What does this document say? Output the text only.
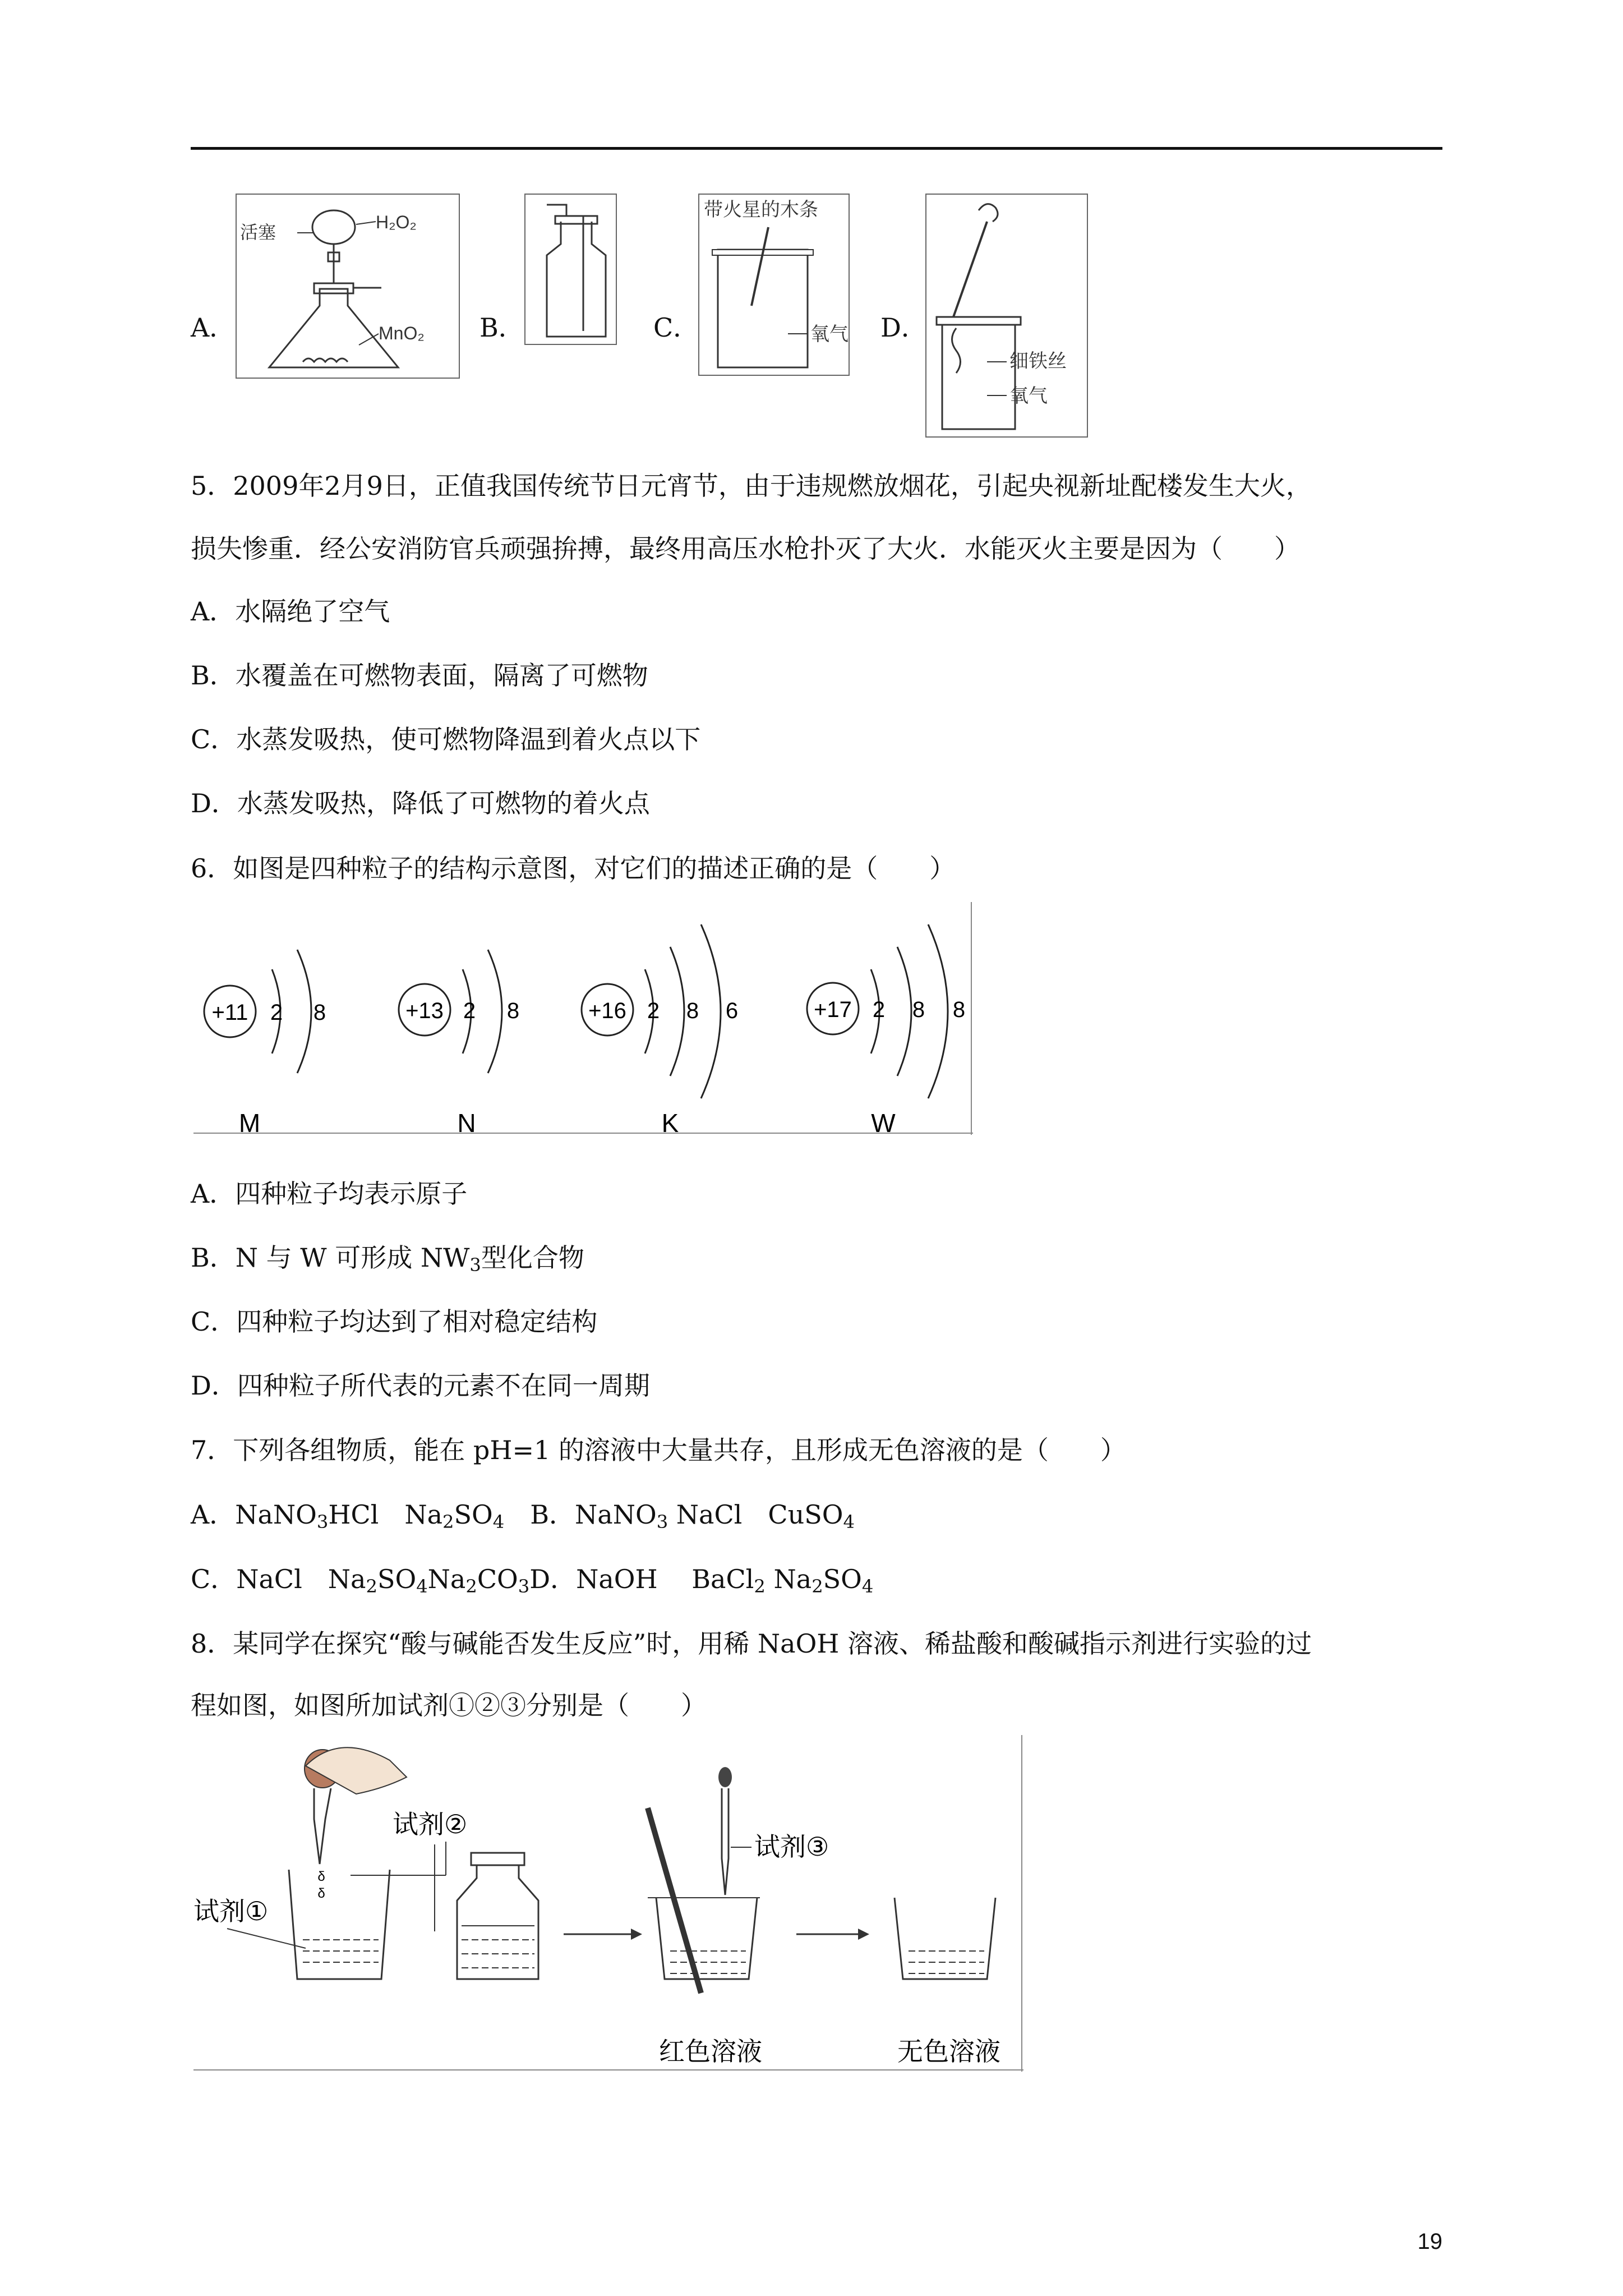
A．
活塞	H₂O₂
MnO₂ B．	C．
带火星的木条
氧气 D．
细铁丝
氧气
5．2009年2月9日，正值我国传统节日元宵节，由于违规燃放烟花，引起央视新址配楼发生大火，
损失惨重．经公安消防官兵顽强拚搏，最终用高压水枪扑灭了大火．水能灭火主要是因为（　　）
A．水隔绝了空气
B．水覆盖在可燃物表面，隔离了可燃物
C．水蒸发吸热，使可燃物降温到着火点以下
D．水蒸发吸热，降低了可燃物的着火点
6．如图是四种粒子的结构示意图，对它们的描述正确的是（　　）
+11 2 8
M
+13 2 8
N
+16 2 8 6
K
+17 2 8 8
W
A．四种粒子均表示原子
B．N 与 W 可形成 $NW_3$型化合物
C．四种粒子均达到了相对稳定结构
D．四种粒子所代表的元素不在同一周期
7．下列各组物质，能在 pH=1 的溶液中大量共存，且形成无色溶液的是（　　）
A．NaNO$_3$HCl　$Na_2SO_4$　B．NaNO$_3$ NaCl　CuSO$_4$
C．NaCl　$Na_2SO_4Na_2CO_3D$．NaOH　 BaCl$_2$ $Na_2SO_4$
8．某同学在探究“酸与碱能否发生反应”时，用稀 NaOH 溶液、稀盐酸和酸碱指示剂进行实验的过
程如图，如图所加试剂①②③分别是（　　）
δ
δ
试剂①
试剂②
试剂③
红色溶液	无色溶液
19
